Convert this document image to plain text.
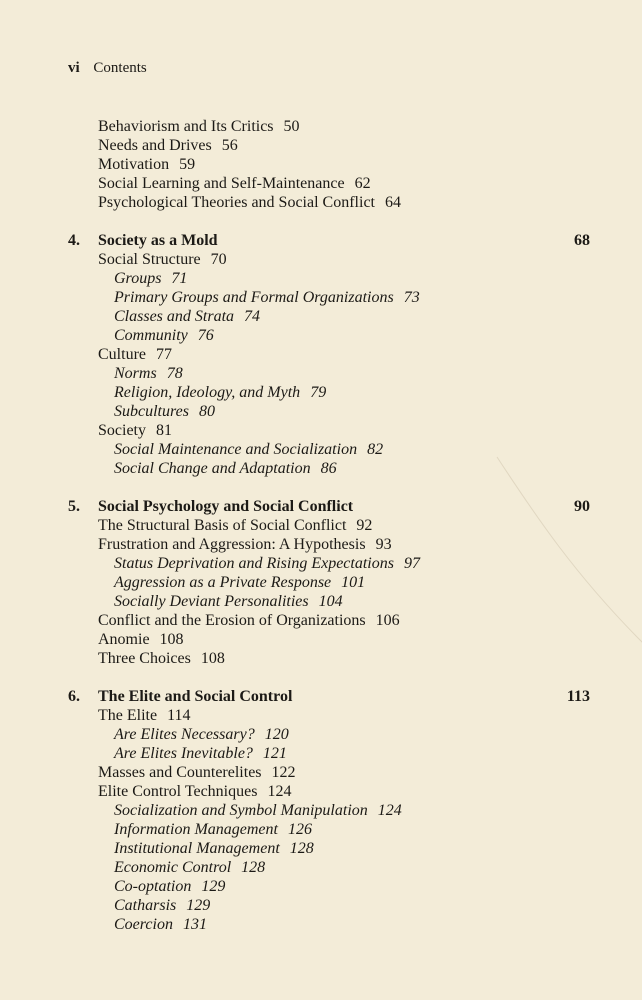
vi Contents
Behaviorism and Its Critics 50
Needs and Drives 56
Motivation 59
Social Learning and Self-Maintenance 62
Psychological Theories and Social Conflict 64
4. Society as a Mold	68
Social Structure 70
Groups 71
Primary Groups and Formal Organizations 73
Classes and Strata 74
Community 76
Culture 77
Norms 78
Religion, Ideology, and Myth 79
Subcultures 80
Society 81
Social Maintenance and Socialization 82
Social Change and Adaptation 86
5. Social Psychology and Social Conflict	90
The Structural Basis of Social Conflict 92
Frustration and Aggression: A Hypothesis 93
Status Deprivation and Rising Expectations 97
Aggression as a Private Response 101
Socially Deviant Personalities 104
Conflict and the Erosion of Organizations 106
Anomie 108
Three Choices 108
6. The Elite and Social Control	113
The Elite 114
Are Elites Necessary? 120
Are Elites Inevitable? 121
Masses and Counterelites 122
Elite Control Techniques 124
Socialization and Symbol Manipulation 124
Information Management 126
Institutional Management 128
Economic Control 128
Co-optation 129
Catharsis 129
Coercion 131
